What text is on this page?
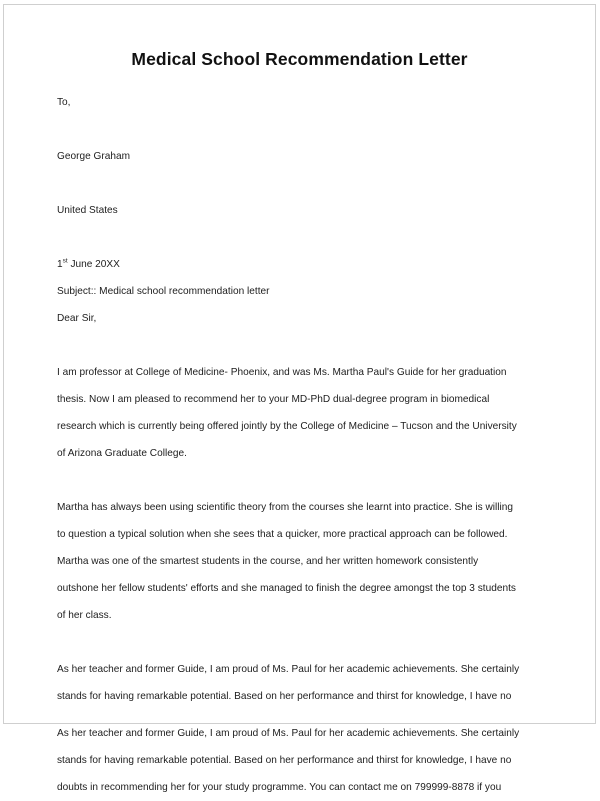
Medical School Recommendation Letter
To,
George Graham
United States
1st June 20XX
Subject:: Medical school recommendation letter
Dear Sir,

I am professor at College of Medicine- Phoenix, and was Ms. Martha Paul's Guide for her graduation

thesis. Now I am pleased to recommend her to your MD-PhD dual-degree program in biomedical

research which is currently being offered jointly by the College of Medicine – Tucson and the University

of Arizona Graduate College.

Martha has always been using scientific theory from the courses she learnt into practice. She is willing

to question a typical solution when she sees that a quicker, more practical approach can be followed.

Martha was one of the smartest students in the course, and her written homework consistently

outshone her fellow students' efforts and she managed to finish the degree amongst the top 3 students

of her class.

As her teacher and former Guide, I am proud of Ms. Paul for her academic achievements. She certainly

stands for having remarkable potential. Based on her performance and thirst for knowledge, I have no

As her teacher and former Guide, I am proud of Ms. Paul for her academic achievements. She certainly

stands for having remarkable potential. Based on her performance and thirst for knowledge, I have no

doubts in recommending her for your study programme. You can contact me on 799999-8878 if you
